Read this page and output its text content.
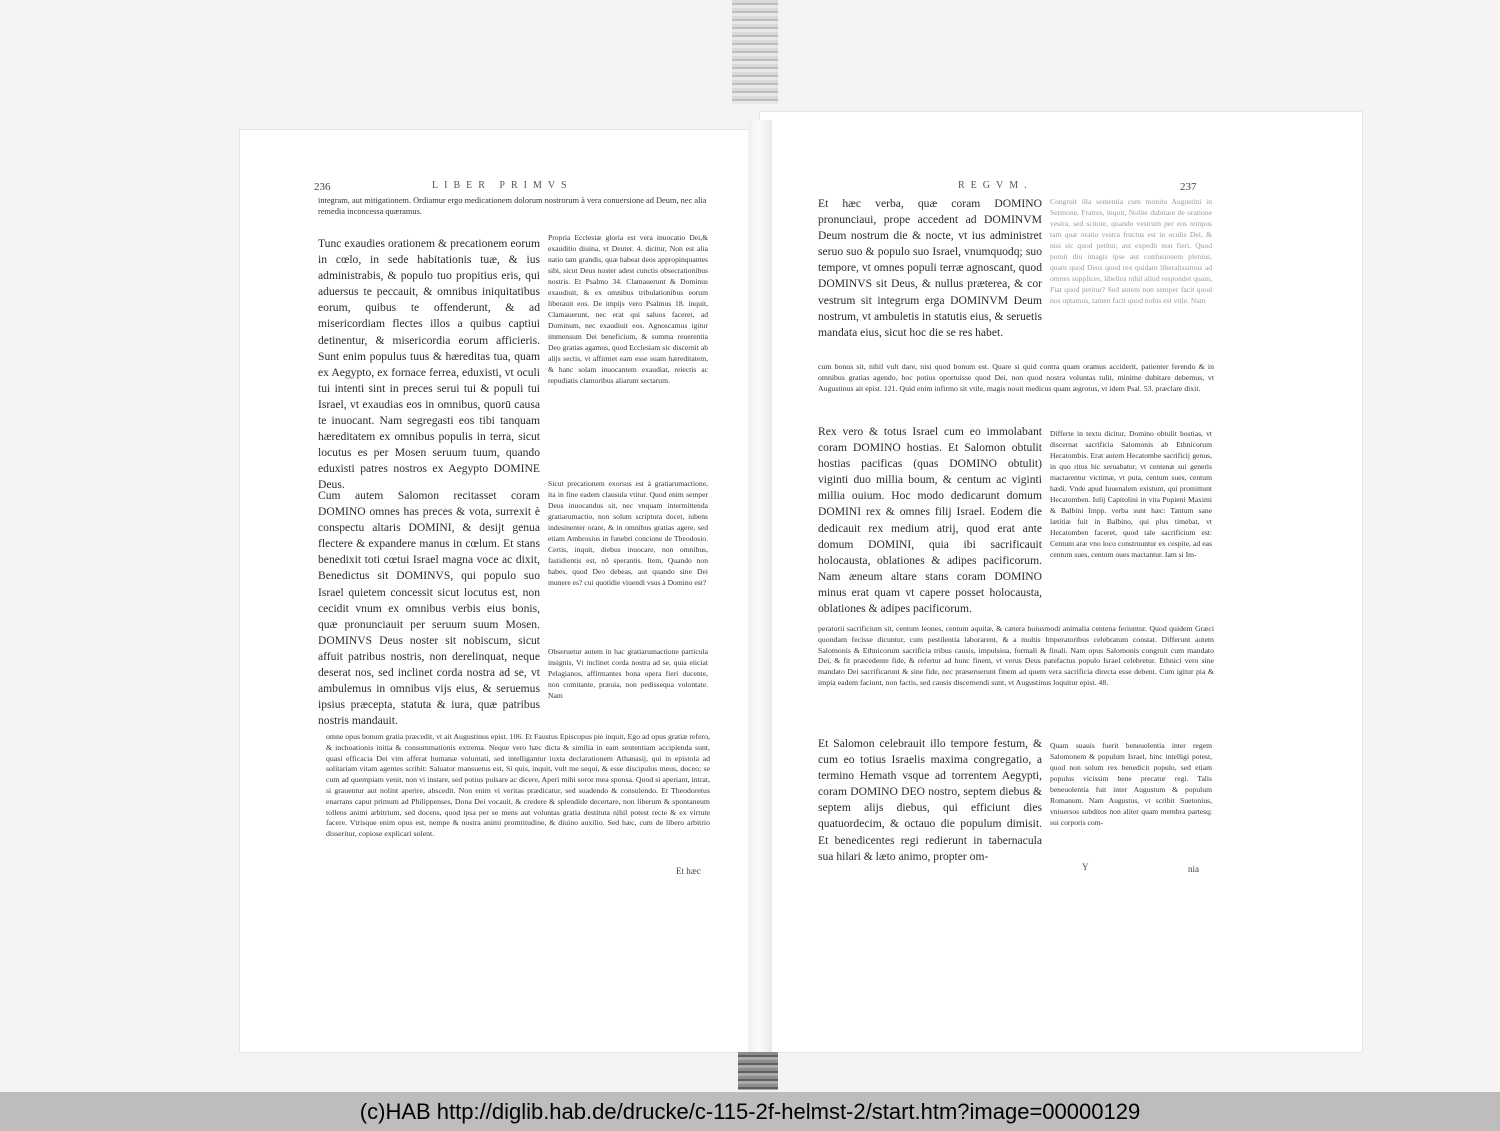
236	LIBER PRIMVS
integram, aut mitigationem. Ordiamur ergo medicationem dolorum nostrorum à vera conuersione ad Deum, nec alia remedia inconcessa quæramus.
Tunc exaudies orationem & precationem eorum in cœlo, in sede habitationis tuæ, & ius administrabis, & populo tuo propitius eris, qui aduersus te peccauit, & omnibus iniquitatibus eorum, quibus te offenderunt, & ad misericordiam flectes illos a quibus captiui detinentur, & misericordia eorum afficieris. Sunt enim populus tuus & hæreditas tua, quam ex Aegypto, ex fornace ferrea, eduxisti, vt oculi tui intenti sint in preces serui tui & populi tui Israel, vt exaudias eos in omnibus, quorū causa te inuocant. Nam segregasti eos tibi tanquam hæreditatem ex omnibus populis in terra, sicut locutus es per Mosen seruum tuum, quando eduxisti patres nostros ex Aegypto DOMINE Deus.
Cum autem Salomon recitasset coram DOMINO omnes has preces & vota, surrexit è conspectu altaris DOMINI, & desijt genua flectere & expandere manus in cœlum. Et stans benedixit toti cœtui Israel magna voce ac dixit, Benedictus sit DOMINVS, qui populo suo Israel quietem concessit sicut locutus est, non cecidit vnum ex omnibus verbis eius bonis, quæ pronunciauit per seruum suum Mosen. DOMINVS Deus noster sit nobiscum, sicut affuit patribus nostris, non derelinquat, neque deserat nos, sed inclinet corda nostra ad se, vt ambulemus in omnibus vijs eius, & seruemus ipsius præcepta, statuta & iura, quæ patribus nostris mandauit.
Propria Ecclesiæ gloria est vera inuocatio Dei,& exauditio diuina, vt Deuter. 4. dicitur, Non est alia natio tam grandis, quæ habeat deos appropinquantes sibi, sicut Deus noster adest cunctis obsecrationibus nostris. Et Psalmo 34. Clamauerunt & Dominus exaudiuit, & ex omnibus tribulationibus eorum liberauit eos. De impijs vero Psalmus 18. inquit, Clamauerunt, nec erat qui saluos faceret, ad Dominum, nec exaudiuit eos. Agnoscamus igitur immensum Dei beneficium, & summa reuerentia Deo gratias agamus, quod Ecclesiam sic discernit ab alijs sectis, vt affirmet eam esse suam hæreditatem, & hanc solam inuocantem exaudiat, reiectis ac repudiatis clamoribus aliarum sectarum.
Sicut precationem exorsus est à gratiarumactione, ita in fine eadem clausula vtitur. Quod enim semper Deus inuocandus sit, nec vnquam intermittenda gratiarumactio, non solum scriptura docet, iubens indesinenter orare, & in omnibus gratias agere, sed etiam Ambrosius in funebri concione de Theodosio. Certis, inquit, diebus inuocare, non omnibus, fastidientis est, nō sperantis. Item, Quando non habes, quod Deo debeas, aut quando sine Dei munere es? cui quotidie viuendi vsus à Domino est?
Obseruetur autem in hac gratiarumactione particula insignis, Vt inclinet corda nostra ad se, quia eiiciat Pelagianos, affirmantes bona opera fieri ducente, non comitante, præuia, non pedissequa volontate. Nam
omne opus bonum gratia præcedit, vt ait Augustinus epist. 106. Et Faustus Episcopus pie inquit, Ego ad opus gratiæ refero, & inchoationis initia & consummationis extrema. Neque vero hæc dicta & similia in eam sententiam accipienda sunt, quasi efficacia Dei vim afferat humanæ voluntati, sed intelligantur iuxta declarationem Athanasij, qui in epistola ad solitariam vitam agentes scribit: Saluator mansuetus est, Si quis, inquit, vult me sequi, & esse discipulus meus, doceo; se cum ad quempiam venit, non vi instare, sed potius pulsare ac dicere, Aperi mihi soror mea sponsa. Quod si aperiant, intrat, si grauentur aut nolint aperire, abscedit. Non enim vi veritas prædicatur, sed suadendo & consulendo. Et Theodoretus enarrans caput primum ad Philippenses, Dona Dei vocauit, & credere & splendide decertare, non liberum & spontaneum tollens animi arbitrium, sed docens, quod ipsa per se mens aut voluntas gratia destituta nihil potest recte & ex virtute facere. Vtrisque enim opus est, nempe & nostra animi promtitudine, & diuino auxilio. Sed hæc, cum de libero arbitrio disseritur, copiose explicari solent.
Et hæc
REGVM.	237
Et hæc verba, quæ coram DOMINO pronunciaui, prope accedent ad DOMINVM Deum nostrum die & nocte, vt ius administret seruo suo & populo suo Israel, vnumquodq; suo tempore, vt omnes populi terræ agnoscant, quod DOMINVS sit Deus, & nullus præterea, & cor vestrum sit integrum erga DOMINVM Deum nostrum, vt ambuletis in statutis eius, & seruetis mandata eius, sicut hoc die se res habet.
Congruit illa sententia cum monitu Augustini in Sermone, Fratres, inquit, Nolite dubitare de oratione vestra, sed scitote, quando vestrum per eos tempus tam quæ oratio vestra fructus est in oculis Dei, & nisi sic quod petitur, aut expedit non fieri. Quod potuit diu imagis ipse aut confusionem plenius, quam quod Deus quod rex quidam liberalissimus ad omnes supplices, libellos nihil aliud respondet quam, Fiat quod petitur? Sed autem non semper facit quod nos optamus, tamen facit quod nobis est vtile. Nam
cum bonus sit, nihil vult dare, nisi quod bonum est. Quare si quid contra quam oramus acciderit, patienter ferendo & in omnibus gratias agendo, hoc potius oportuisse quod Dei, non quod nostra voluntas tulit, minime dubitare debemus, vt Augustinus ait epist. 121. Quid enim infirmo sit vtile, magis nouit medicus quam ægrotus, vt idem Psal. 53. præclare dixit.
Rex vero & totus Israel cum eo immolabant coram DOMINO hostias. Et Salomon obtulit hostias pacificas (quas DOMINO obtulit) viginti duo millia boum, & centum ac viginti millia ouium. Hoc modo dedicarunt domum DOMINI rex & omnes filij Israel. Eodem die dedicauit rex medium atrij, quod erat ante domum DOMINI, quia ibi sacrificauit holocausta, oblationes & adipes pacificorum. Nam æneum altare stans coram DOMINO minus erat quam vt capere posset holocausta, oblationes & adipes pacificorum.
Differte in textu dicitur, Domino obtulit hostias, vt discernat sacrificia Salomonis ab Ethnicorum Hecatombis. Erat autem Hecatombe sacrificij genus, in quo ritus hic seruabatur, vt centenæ sui generis mactarentur victimæ, vt puta, centum sues, centum hædi. Vnde apud Iuuenalem existunt, qui promittunt Hecatomben. Iulij Capitolini in vita Pupieni Maximi & Balbini Impp. verba sunt hæc: Tantum sane lætitiæ fuit in Balbino, qui plus timebat, vt Hecatomben faceret, quod tale sacrificium est: Centum aræ vno loco construuntur ex cespite, ad eas centum sues, centum oues mactantur. Iam si Im-
peratorii sacrificium sit, centum leones, centum aquilæ, & cætera huiusmodi animalia centena feriuntur. Quod quidem Græci quondam fecisse dicuntur, cum pestilentia laborarent, & a multis Imperatoribus celebratum constat. Differunt autem Salomonis & Ethnicorum sacrificia tribus causis, impulsiua, formali & finali. Nam opus Salomonis congruit cum mandato Dei, & fit præcedente fide, & refertur ad hunc finem, vt verus Deus patefactus populo Israel celebretur. Ethnici vero sine mandato Dei sacrificarunt & sine fide, nec præseruerunt finem ad quem vera sacrificia directa esse debent. Cum igitur pia & impia eadem faciunt, non factis, sed causis discernendi sunt, vt Augustinus loquitur epist. 48.
Et Salomon celebrauit illo tempore festum, & cum eo totius Israelis maxima congregatio, a termino Hemath vsque ad torrentem Aegypti, coram DOMINO DEO nostro, septem diebus & septem alijs diebus, qui efficiunt dies quatuordecim, & octauo die populum dimisit. Et benedicentes regi redierunt in tabernacula sua hilari & læto animo, propter om-
Quam suauis fuerit beneuolentia inter regem Salomonem & populum Israel, hinc intelligi potest, quod non solum rex benedicit populo, sed etiam populus vicissim bene precatur regi. Talis beneuolentia fuit inter Augustum & populum Romanum. Nam Augustus, vt scribit Suetonius, vniuersos subditos non aliter quam membra partesq; sui corporis com-
Y	nia
(c)HAB http://diglib.hab.de/drucke/c-115-2f-helmst-2/start.htm?image=00000129
